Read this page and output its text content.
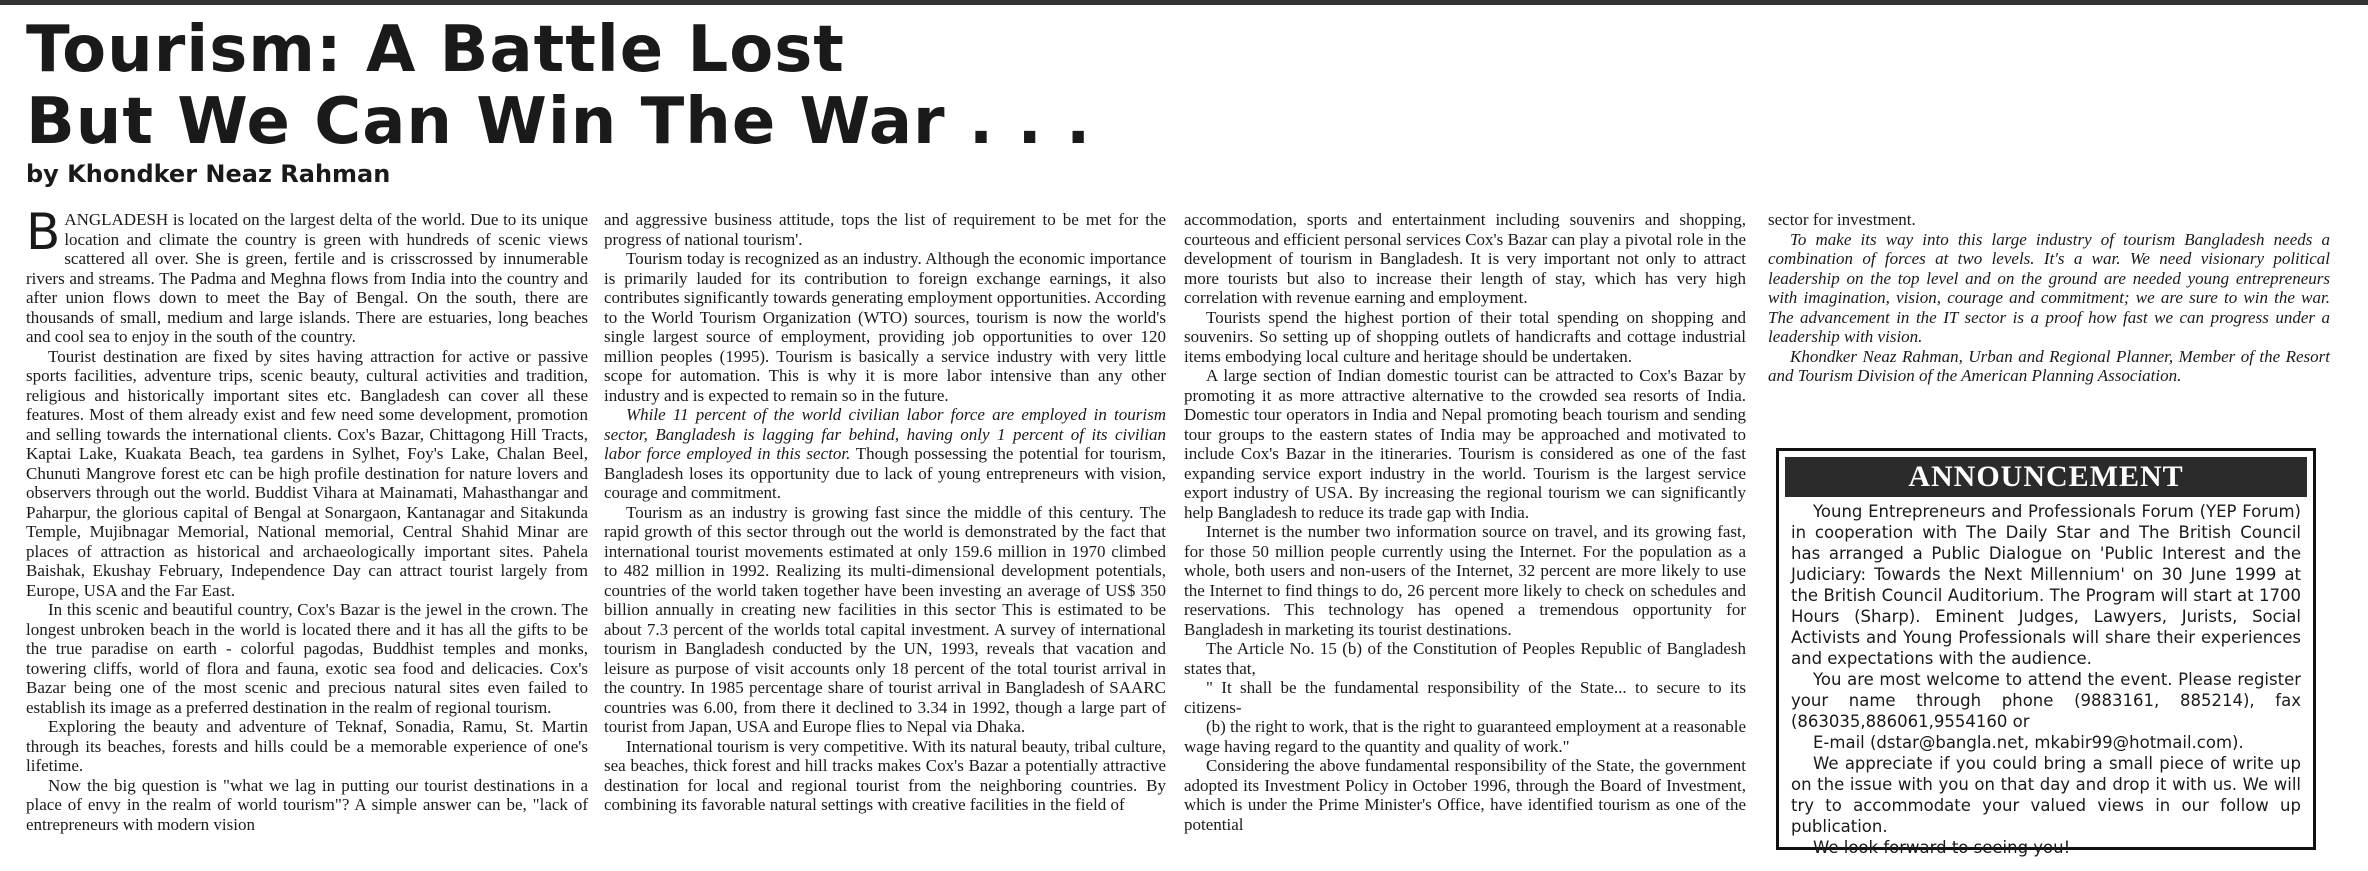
Tourism: A Battle Lost
But We Can Win The War . . .
by Khondker Neaz Rahman

BANGLADESH is located on the largest delta of the world. Due to its unique location and climate the country is green with hundreds of scenic views scattered all over. She is green, fertile and is crisscrossed by innumerable rivers and streams. The Padma and Meghna flows from India into the country and after union flows down to meet the Bay of Bengal. On the south, there are thousands of small, medium and large islands. There are estuaries, long beaches and cool sea to enjoy in the south of the country.

Tourist destination are fixed by sites having attraction for active or passive sports facilities, adventure trips, scenic beauty, cultural activities and tradition, religious and historically important sites etc. Bangladesh can cover all these features. Most of them already exist and few need some development, promotion and selling towards the international clients. Cox's Bazar, Chittagong Hill Tracts, Kaptai Lake, Kuakata Beach, tea gardens in Sylhet, Foy's Lake, Chalan Beel, Chunuti Mangrove forest etc can be high profile destination for nature lovers and observers through out the world. Buddist Vihara at Mainamati, Mahasthangar and Paharpur, the glorious capital of Bengal at Sonargaon, Kantanagar and Sitakunda Temple, Mujibnagar Memorial, National memorial, Central Shahid Minar are places of attraction as historical and archaeologically important sites. Pahela Baishak, Ekushay February, Independence Day can attract tourist largely from Europe, USA and the Far East.

In this scenic and beautiful country, Cox's Bazar is the jewel in the crown. The longest unbroken beach in the world is located there and it has all the gifts to be the true paradise on earth - colorful pagodas, Buddhist temples and monks, towering cliffs, world of flora and fauna, exotic sea food and delicacies. Cox's Bazar being one of the most scenic and precious natural sites even failed to establish its image as a preferred destination in the realm of regional tourism.

Exploring the beauty and adventure of Teknaf, Sonadia, Ramu, St. Martin through its beaches, forests and hills could be a memorable experience of one's lifetime.

Now the big question is "what we lag in putting our tourist destinations in a place of envy in the realm of world tourism"? A simple answer can be, "lack of entrepreneurs with modern vision

and aggressive business attitude, tops the list of requirement to be met for the progress of national tourism'.

Tourism today is recognized as an industry. Although the economic importance is primarily lauded for its contribution to foreign exchange earnings, it also contributes significantly towards generating employment opportunities. According to the World Tourism Organization (WTO) sources, tourism is now the world's single largest source of employment, providing job opportunities to over 120 million peoples (1995). Tourism is basically a service industry with very little scope for automation. This is why it is more labor intensive than any other industry and is expected to remain so in the future.

While 11 percent of the world civilian labor force are employed in tourism sector, Bangladesh is lagging far behind, having only 1 percent of its civilian labor force employed in this sector. Though possessing the potential for tourism, Bangladesh loses its opportunity due to lack of young entrepreneurs with vision, courage and commitment.

Tourism as an industry is growing fast since the middle of this century. The rapid growth of this sector through out the world is demonstrated by the fact that international tourist movements estimated at only 159.6 million in 1970 climbed to 482 million in 1992. Realizing its multi-dimensional development potentials, countries of the world taken together have been investing an average of US$ 350 billion annually in creating new facilities in this sector This is estimated to be about 7.3 percent of the worlds total capital investment. A survey of international tourism in Bangladesh conducted by the UN, 1993, reveals that vacation and leisure as purpose of visit accounts only 18 percent of the total tourist arrival in the country. In 1985 percentage share of tourist arrival in Bangladesh of SAARC countries was 6.00, from there it declined to 3.34 in 1992, though a large part of tourist from Japan, USA and Europe flies to Nepal via Dhaka.

International tourism is very competitive. With its natural beauty, tribal culture, sea beaches, thick forest and hill tracks makes Cox's Bazar a potentially attractive destination for local and regional tourist from the neighboring countries. By combining its favorable natural settings with creative facilities in the field of

accommodation, sports and entertainment including souvenirs and shopping, courteous and efficient personal services Cox's Bazar can play a pivotal role in the development of tourism in Bangladesh. It is very important not only to attract more tourists but also to increase their length of stay, which has very high correlation with revenue earning and employment.

Tourists spend the highest portion of their total spending on shopping and souvenirs. So setting up of shopping outlets of handicrafts and cottage industrial items embodying local culture and heritage should be undertaken.

A large section of Indian domestic tourist can be attracted to Cox's Bazar by promoting it as more attractive alternative to the crowded sea resorts of India. Domestic tour operators in India and Nepal promoting beach tourism and sending tour groups to the eastern states of India may be approached and motivated to include Cox's Bazar in the itineraries. Tourism is considered as one of the fast expanding service export industry in the world. Tourism is the largest service export industry of USA. By increasing the regional tourism we can significantly help Bangladesh to reduce its trade gap with India.

Internet is the number two information source on travel, and its growing fast, for those 50 million people currently using the Internet. For the population as a whole, both users and non-users of the Internet, 32 percent are more likely to use the Internet to find things to do, 26 percent more likely to check on schedules and reservations. This technology has opened a tremendous opportunity for Bangladesh in marketing its tourist destinations.

The Article No. 15 (b) of the Constitution of Peoples Republic of Bangladesh states that,

" It shall be the fundamental responsibility of the State... to secure to its citizens-

(b) the right to work, that is the right to guaranteed employment at a reasonable wage having regard to the quantity and quality of work."

Considering the above fundamental responsibility of the State, the government adopted its Investment Policy in October 1996, through the Board of Investment, which is under the Prime Minister's Office, have identified tourism as one of the potential

sector for investment.

To make its way into this large industry of tourism Bangladesh needs a combination of forces at two levels. It's a war. We need visionary political leadership on the top level and on the ground are needed young entrepreneurs with imagination, vision, courage and commitment; we are sure to win the war. The advancement in the IT sector is a proof how fast we can progress under a leadership with vision.

Khondker Neaz Rahman, Urban and Regional Planner, Member of the Resort and Tourism Division of the American Planning Association.

ANNOUNCEMENT

Young Entrepreneurs and Professionals Forum (YEP Forum) in cooperation with The Daily Star and The British Council has arranged a Public Dialogue on 'Public Interest and the Judiciary: Towards the Next Millennium' on 30 June 1999 at the British Council Auditorium. The Program will start at 1700 Hours (Sharp). Eminent Judges, Lawyers, Jurists, Social Activists and Young Professionals will share their experiences and expectations with the audience.

You are most welcome to attend the event. Please register your name through phone (9883161, 885214), fax (863035,886061,9554160 or

E-mail (dstar@bangla.net, mkabir99@hotmail.com).

We appreciate if you could bring a small piece of write up on the issue with you on that day and drop it with us. We will try to accommodate your valued views in our follow up publication.

We look forward to seeing you!
